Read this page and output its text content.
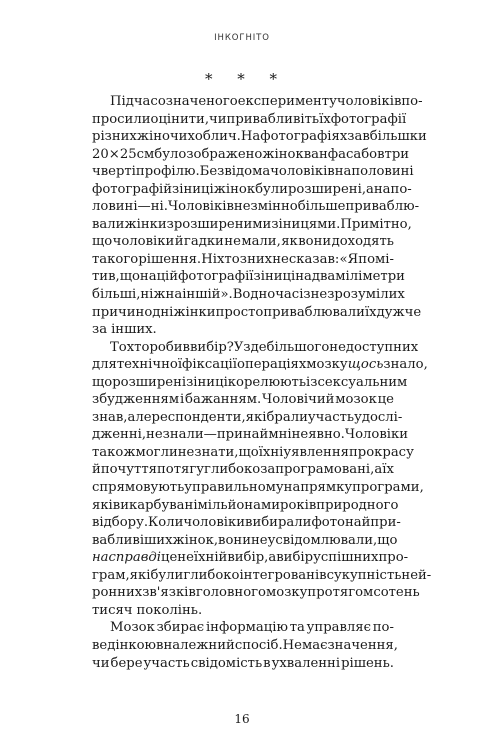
ІНКОГНІТО
* * *
Під час означеного експерименту чоловіків по-
просили оцінити, чи привабливіть їх фотографії
різних жіночих облич. На фотографіях завбільшки
20×25 см було зображено жінок в анфас або в три
чверті профілю. Без відома чоловіків на половині
фотографій зіниці жінок були розширені, а на по-
ловині — ні. Чоловіків незмінно більше приваблю-
вали жінки з розширеними зіницями. Примітно,
що чоловіки й гадки не мали, як вони доходять
такого рішення. Ніхто з них не сказав: «Я помі-
тив, що на цій фотографії зіниці на два міліметри
більші, ніж на іншій». Водночас із незрозумілих
причин одні жінки просто приваблювали їх дужче
за інших.
То хто робив вибір? У здебільшого недоступних
для технічної фіксації операціях мозку щось знало,
що розширені зіниці корелюють із сексуальним
збудженням і бажанням. Чоловічий мозок це
знав, але респонденти, які брали участь у дослі-
дженні, не знали — принаймні не явно. Чоловіки
також могли не знати, що їхні уявлення про красу
й почуття потягу глибоко запрограмовані, а їх
спрямовують у правильному напрямку програми,
які викарбувані мільйонами років природного
відбору. Коли чоловіки вибирали фото найпри-
вабливіших жінок, вони не усвідомлювали, що
насправді це не їхній вибір, а вибір успішних про-
грам, які були глибоко інтегровані в сукупність ней-
ронних зв'язків головного мозку протягом сотень
тисяч поколінь.
Мозок збирає інформацію та управляє по-
ведінкою в належний спосіб. Немає значення,
чи бере участь свідомість в ухваленні рішень.
16
